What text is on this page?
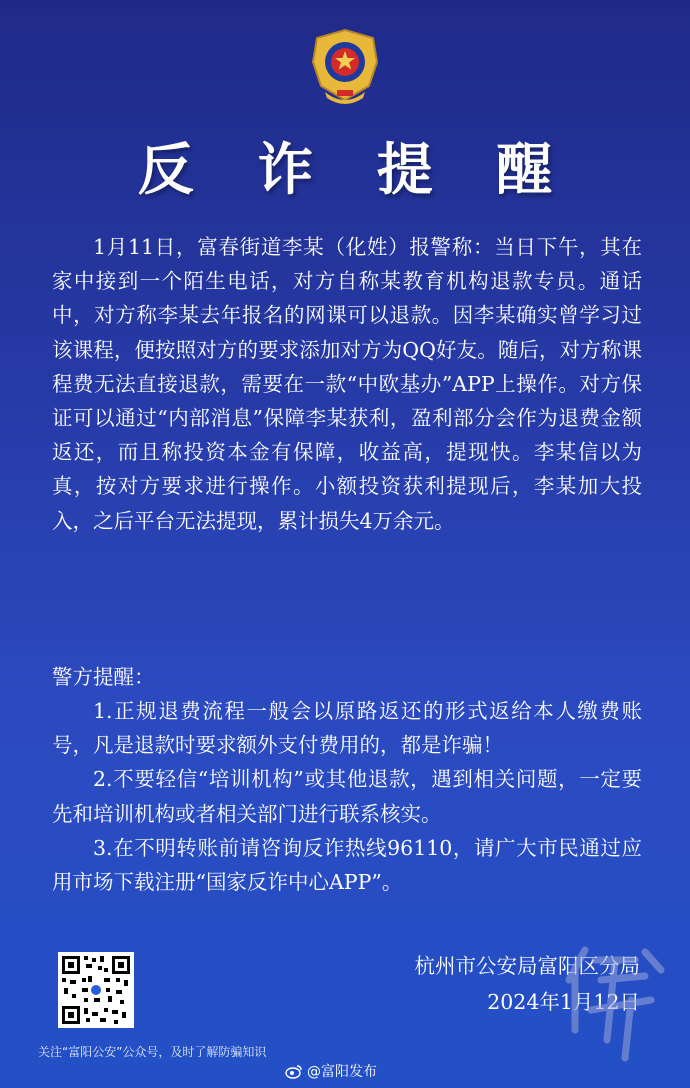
反 诈 提 醒

1月11日，富春街道李某（化姓）报警称：当日下午，其在家中接到一个陌生电话，对方自称某教育机构退款专员。通话中，对方称李某去年报名的网课可以退款。因李某确实曾学习过该课程，便按照对方的要求添加对方为QQ好友。随后，对方称课程费无法直接退款，需要在一款“中欧基办”APP上操作。对方保证可以通过“内部消息”保障李某获利，盈利部分会作为退费金额返还，而且称投资本金有保障，收益高，提现快。李某信以为真，按对方要求进行操作。小额投资获利提现后，李某加大投入，之后平台无法提现，累计损失4万余元。

警方提醒：

1.正规退费流程一般会以原路返还的形式返给本人缴费账号，凡是退款时要求额外支付费用的，都是诈骗！

2.不要轻信“培训机构”或其他退款，遇到相关问题，一定要先和培训机构或者相关部门进行联系核实。

3.在不明转账前请咨询反诈热线96110，请广大市民通过应用市场下载注册“国家反诈中心APP”。

杭州市公安局富阳区分局
2024年1月12日
关注“富阳公安”公众号，及时了解防骗知识
@富阳发布
